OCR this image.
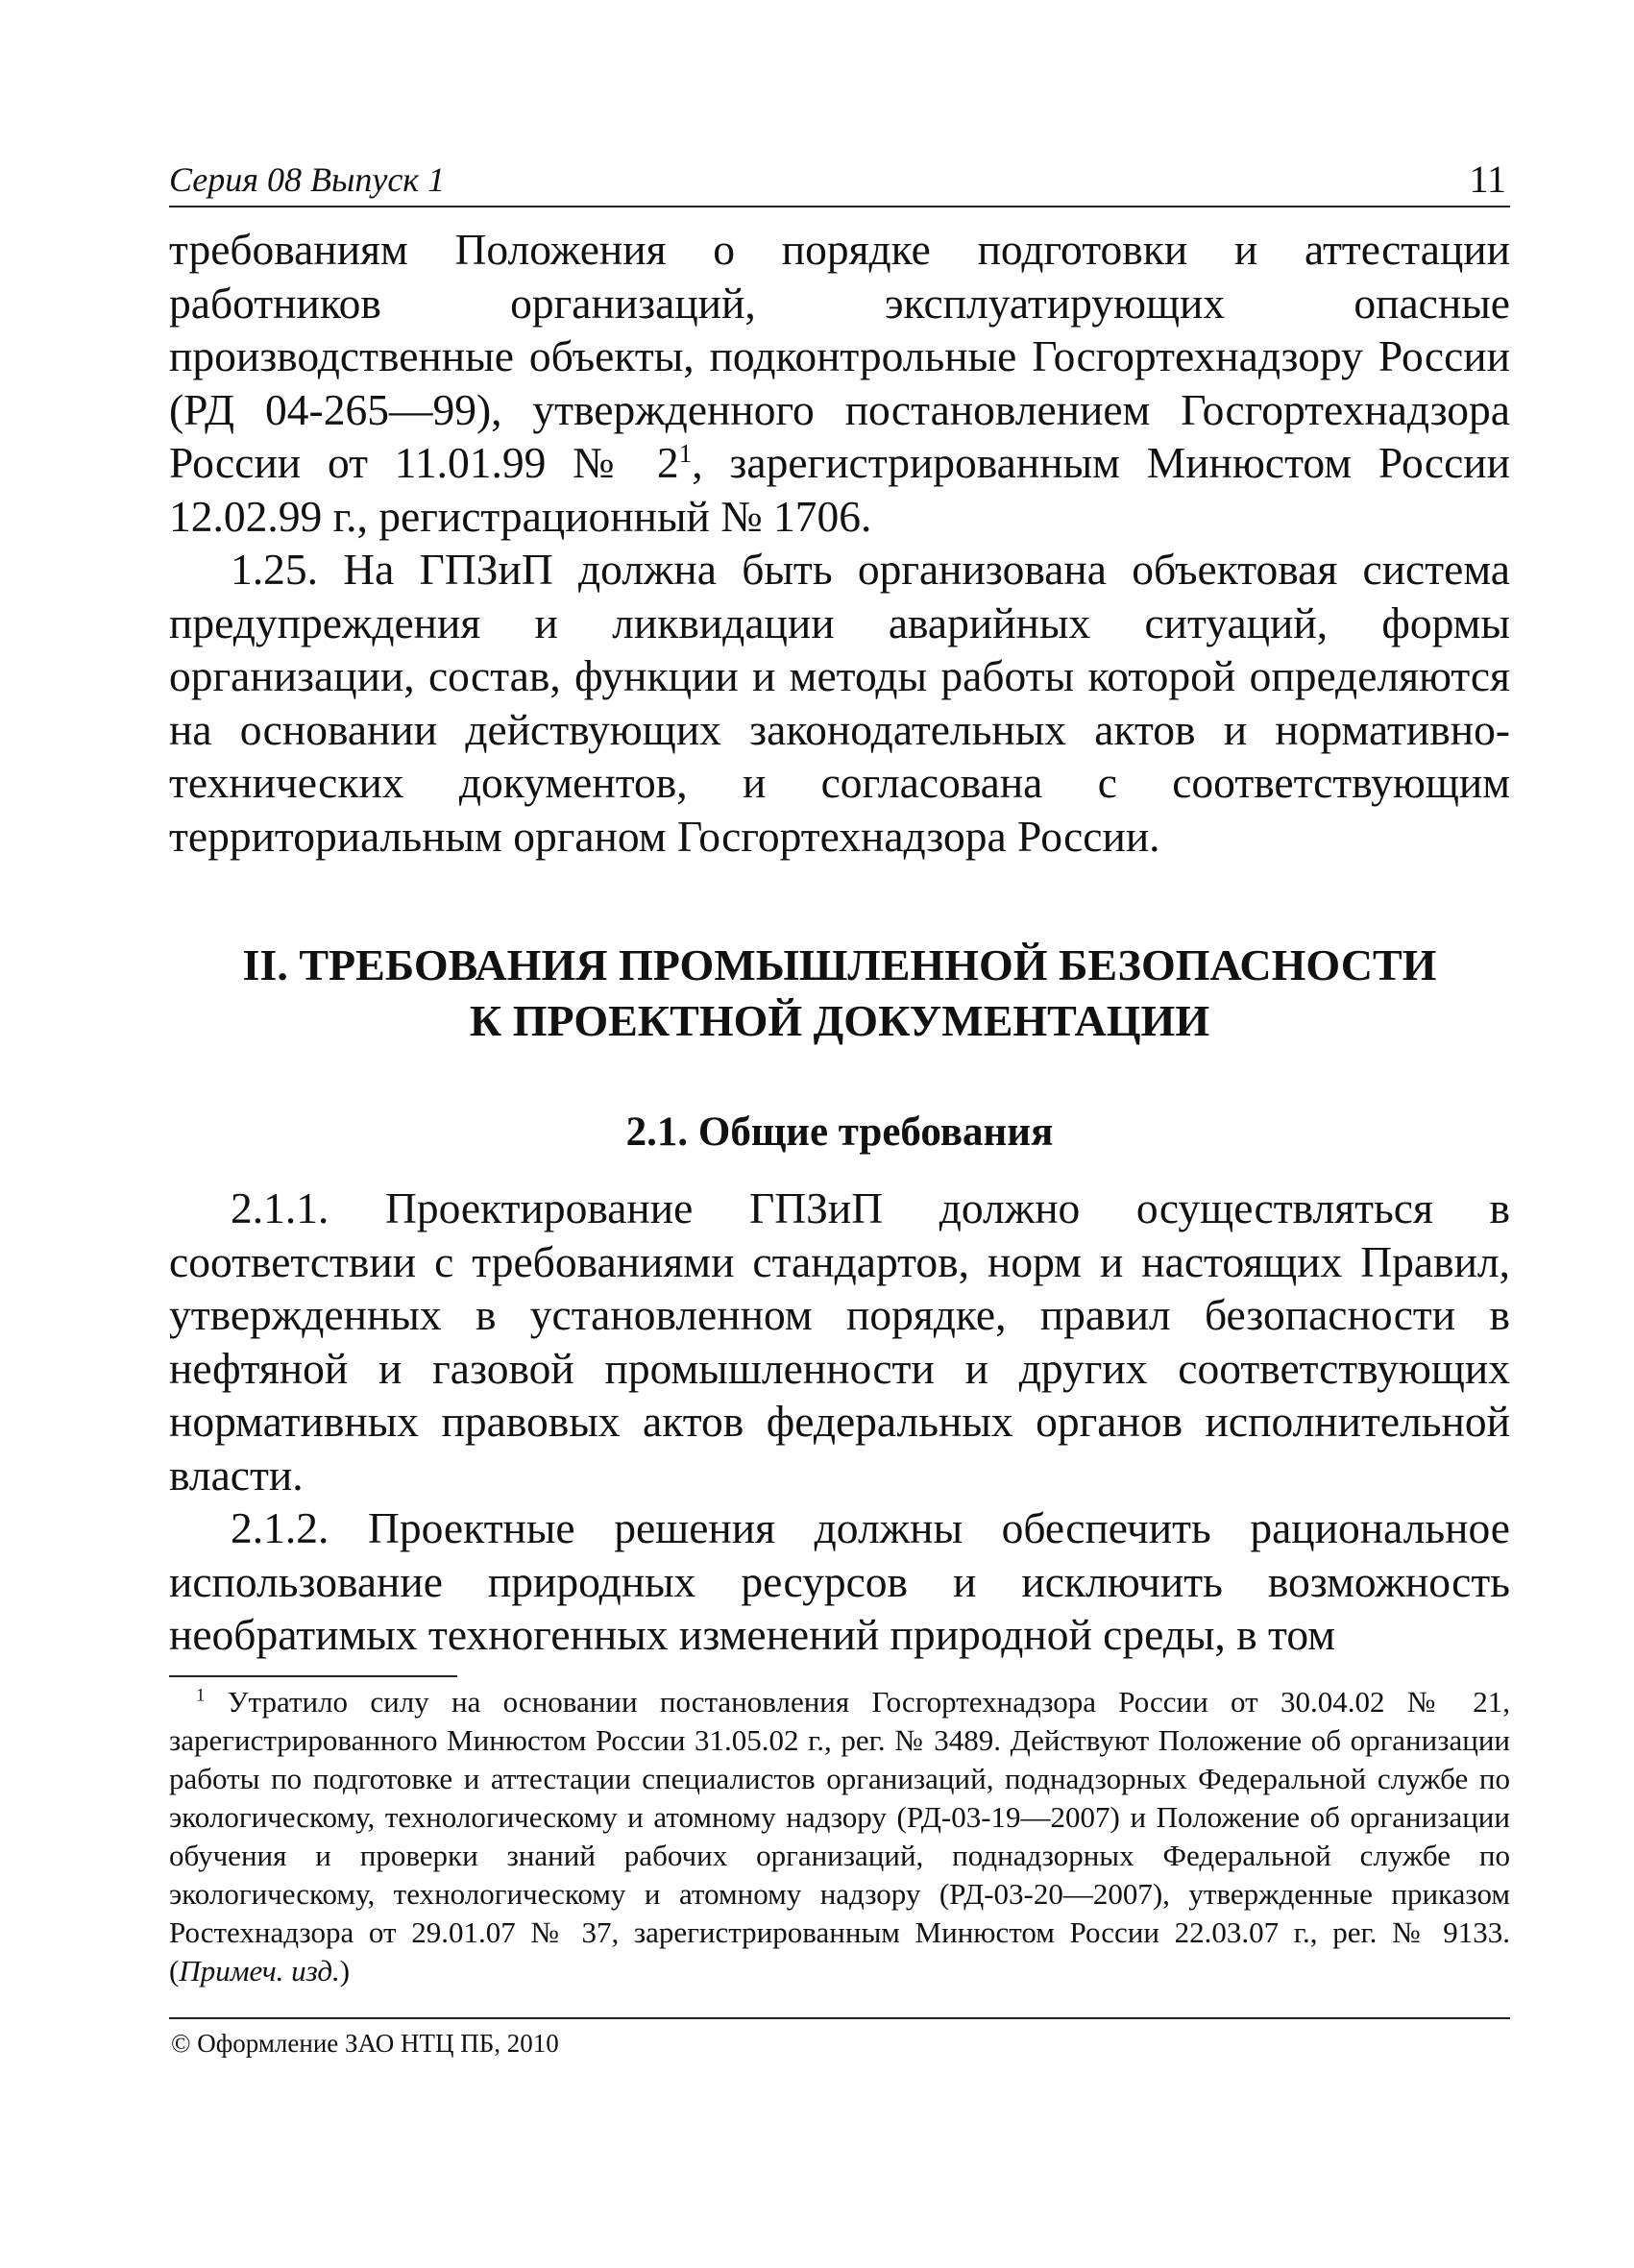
Серия 08 Выпуск 1	11

требованиям Положения о порядке подготовки и аттестации работников организаций, эксплуатирующих опасные производственные объекты, подконтрольные Госгортехнадзору России (РД 04-265—99), утвержденного постановлением Госгортехнадзора России от 11.01.99 № $2^1$, зарегистрированным Минюстом России 12.02.99 г., регистрационный № 1706.

1.25. На ГПЗиП должна быть организована объектовая система предупреждения и ликвидации аварийных ситуаций, формы организации, состав, функции и методы работы которой определяются на основании действующих законодательных актов и нормативно-технических документов, и согласована с соответствующим территориальным органом Госгортехнадзора России.

II. ТРЕБОВАНИЯ ПРОМЫШЛЕННОЙ БЕЗОПАСНОСТИ
К ПРОЕКТНОЙ ДОКУМЕНТАЦИИ
2.1. Общие требования

2.1.1. Проектирование ГПЗиП должно осуществляться в соответствии с требованиями стандартов, норм и настоящих Правил, утвержденных в установленном порядке, правил безопасности в нефтяной и газовой промышленности и других соответствующих нормативных правовых актов федеральных органов исполнительной власти.

2.1.2. Проектные решения должны обеспечить рациональное использование природных ресурсов и исключить возможность необратимых техногенных изменений природной среды, в том

$^1$ Утратило силу на основании постановления Госгортехнадзора России от 30.04.02 № 21, зарегистрированного Минюстом России 31.05.02 г., рег. № 3489. Действуют Положение об организации работы по подготовке и аттестации специалистов организаций, поднадзорных Федеральной службе по экологическому, технологическому и атомному надзору (РД-03-19—2007) и Положение об организации обучения и проверки знаний рабочих организаций, поднадзорных Федеральной службе по экологическому, технологическому и атомному надзору (РД-03-20—2007), утвержденные приказом Ростехнадзора от 29.01.07 № 37, зарегистрированным Минюстом России 22.03.07 г., рег. № 9133. (Примеч. изд.)
© Оформление ЗАО НТЦ ПБ, 2010
